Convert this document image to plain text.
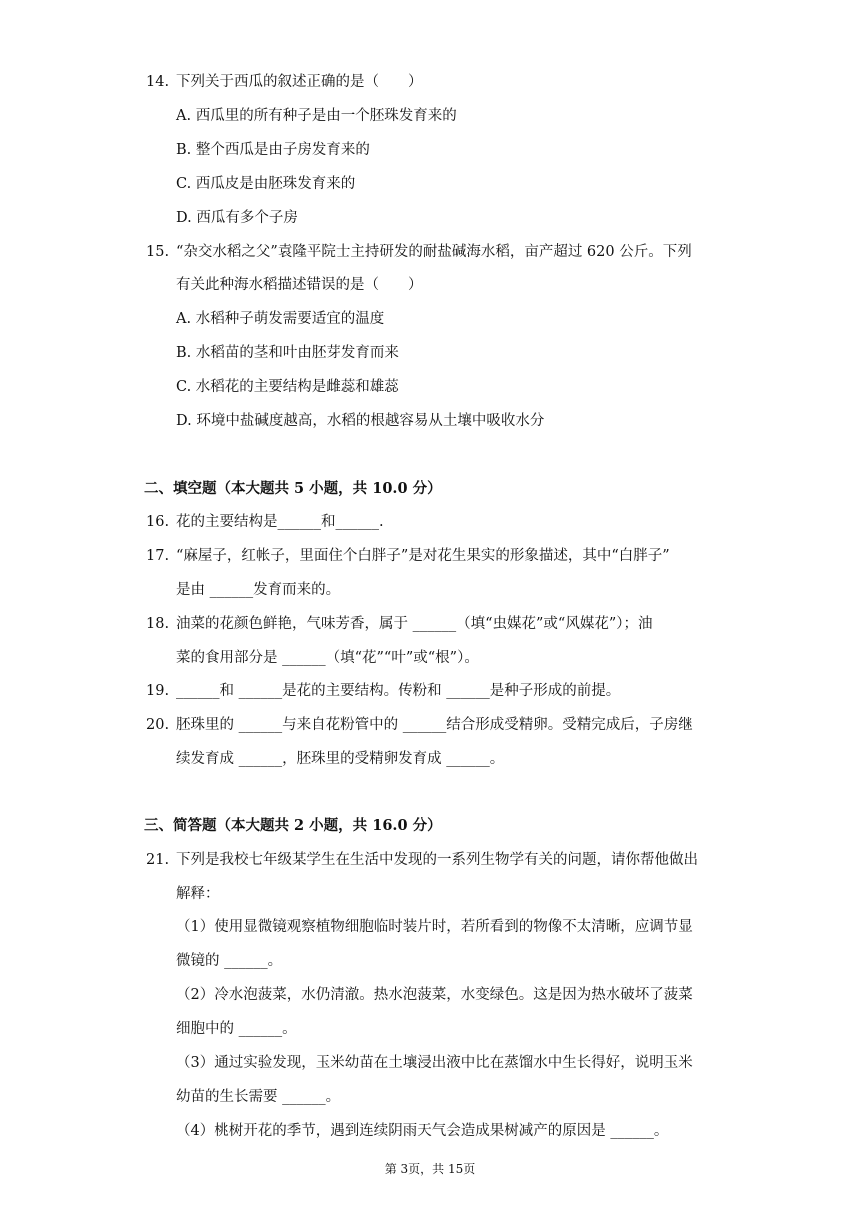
14. 下列关于西瓜的叙述正确的是（　　）
A. 西瓜里的所有种子是由一个胚珠发育来的
B. 整个西瓜是由子房发育来的
C. 西瓜皮是由胚珠发育来的
D. 西瓜有多个子房
15. “杂交水稻之父”袁隆平院士主持研发的耐盐碱海水稻，亩产超过 620 公斤。下列
有关此种海水稻描述错误的是（　　）
A. 水稻种子萌发需要适宜的温度
B. 水稻苗的茎和叶由胚芽发育而来
C. 水稻花的主要结构是雌蕊和雄蕊
D. 环境中盐碱度越高，水稻的根越容易从土壤中吸收水分
二、填空题（本大题共 5 小题，共 10.0 分）
16. 花的主要结构是______和______.
17. “麻屋子，红帐子，里面住个白胖子”是对花生果实的形象描述，其中“白胖子”
是由 ______发育而来的。
18. 油菜的花颜色鲜艳，气味芳香，属于 ______（填“虫媒花”或“风媒花”）；油
菜的食用部分是 ______（填“花”“叶”或“根”）。
19. ______和 ______是花的主要结构。传粉和 ______是种子形成的前提。
20. 胚珠里的 ______与来自花粉管中的 ______结合形成受精卵。受精完成后，子房继
续发育成 ______，胚珠里的受精卵发育成 ______。
三、简答题（本大题共 2 小题，共 16.0 分）
21. 下列是我校七年级某学生在生活中发现的一系列生物学有关的问题，请你帮他做出
解释：
（1）使用显微镜观察植物细胞临时装片时，若所看到的物像不太清晰，应调节显
微镜的 ______。
（2）冷水泡菠菜，水仍清澈。热水泡菠菜，水变绿色。这是因为热水破坏了菠菜
细胞中的 ______。
（3）通过实验发现，玉米幼苗在土壤浸出液中比在蒸馏水中生长得好，说明玉米
幼苗的生长需要 ______。
（4）桃树开花的季节，遇到连续阴雨天气会造成果树减产的原因是 ______。
第 3页，共 15页
